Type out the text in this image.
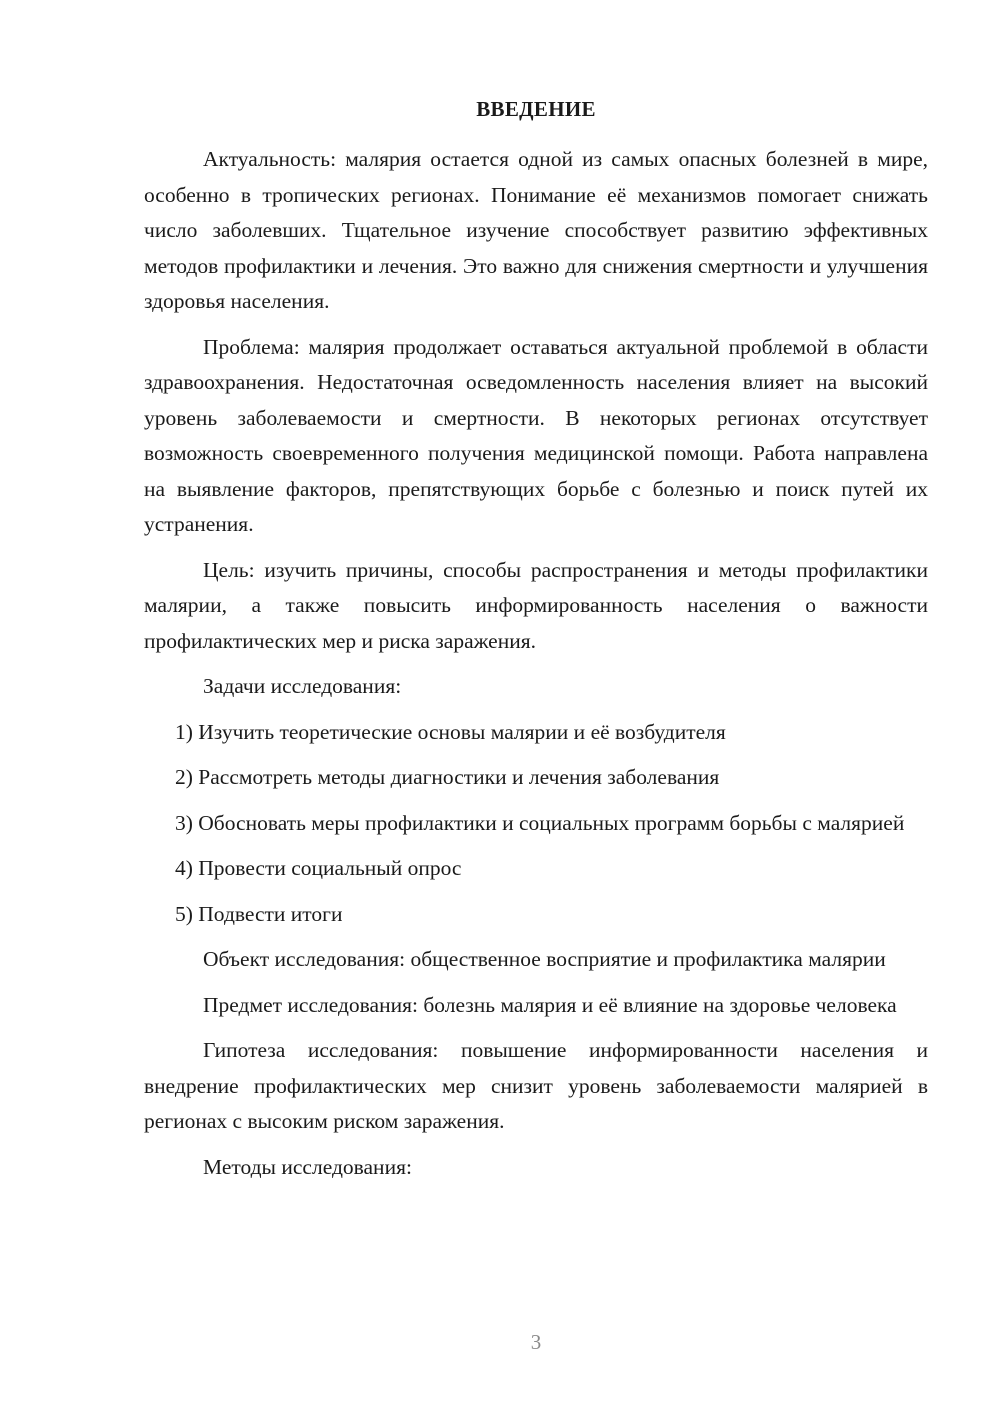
ВВЕДЕНИЕ

Актуальность: малярия остается одной из самых опасных болезней в мире, особенно в тропических регионах. Понимание её механизмов помогает снижать число заболевших. Тщательное изучение способствует развитию эффективных методов профилактики и лечения. Это важно для снижения смертности и улучшения здоровья населения.

Проблема: малярия продолжает оставаться актуальной проблемой в области здравоохранения. Недостаточная осведомленность населения влияет на высокий уровень заболеваемости и смертности. В некоторых регионах отсутствует возможность своевременного получения медицинской помощи. Работа направлена на выявление факторов, препятствующих борьбе с болезнью и поиск путей их устранения.

Цель: изучить причины, способы распространения и методы профилактики малярии, а также повысить информированность населения о важности профилактических мер и риска заражения.

Задачи исследования:

1) Изучить теоретические основы малярии и её возбудителя

2) Рассмотреть методы диагностики и лечения заболевания

3) Обосновать меры профилактики и социальных программ борьбы с малярией

4) Провести социальный опрос

5) Подвести итоги

Объект исследования: общественное восприятие и профилактика малярии

Предмет исследования: болезнь малярия и её влияние на здоровье человека

Гипотеза исследования: повышение информированности населения и внедрение профилактических мер снизит уровень заболеваемости малярией в регионах с высоким риском заражения.

Методы исследования:

3
